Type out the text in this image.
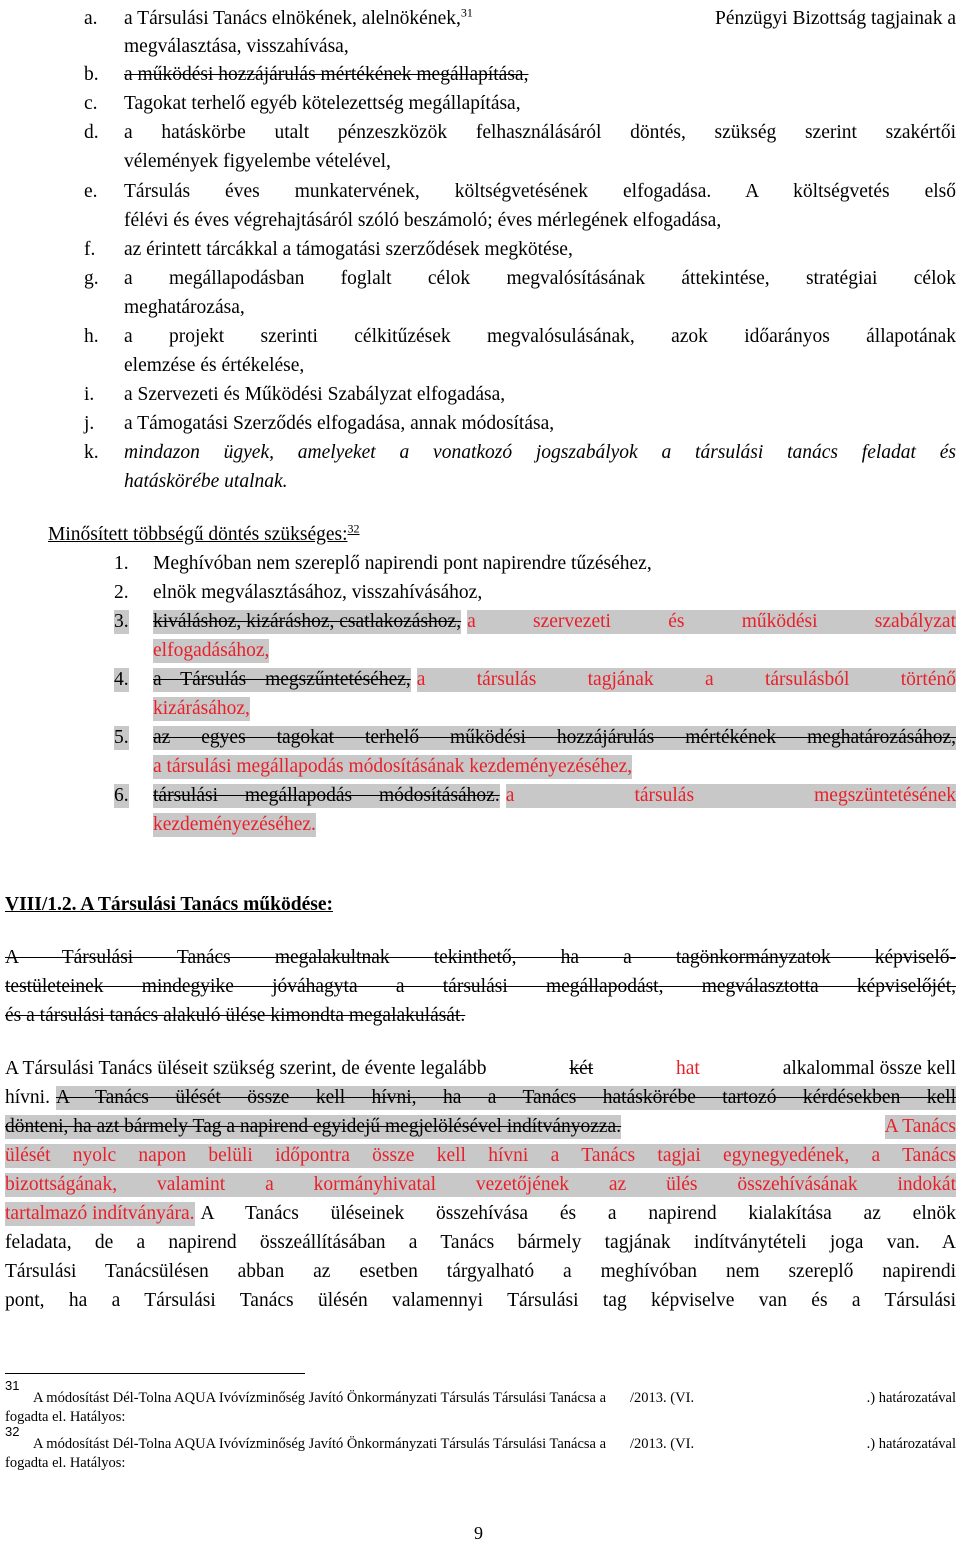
a. a Társulási Tanács elnökének, alelnökének,$^{31}$	Pénzügyi Bizottság tagjainak a
megválasztása, visszahívása,
b. a működési hozzájárulás mértékének megállapítása,
c. Tagokat terhelő egyéb kötelezettség megállapítása,
d. a hatáskörbe utalt pénzeszközök felhasználásáról döntés, szükség szerint szakértői
vélemények figyelembe vételével,
e. Társulás éves munkatervének, költségvetésének elfogadása. A költségvetés első
félévi és éves végrehajtásáról szóló beszámoló; éves mérlegének elfogadása,
f. az érintett tárcákkal a támogatási szerződések megkötése,
g. a megállapodásban foglalt célok megvalósításának áttekintése, stratégiai célok
meghatározása,
h. a projekt szerinti célkitűzések megvalósulásának, azok időarányos állapotának
elemzése és értékelése,
i. a Szervezeti és Működési Szabályzat elfogadása,
j. a Támogatási Szerződés elfogadása, annak módosítása,
k. mindazon ügyek, amelyeket a vonatkozó jogszabályok a társulási tanács feladat és
hatáskörébe utalnak.
Minősített többségű döntés szükséges:$^{32}$
1. Meghívóban nem szereplő napirendi pont napirendre tűzéséhez,
2. elnök megválasztásához, visszahívásához,
3. kiváláshoz, kizáráshoz, csatlakozáshoz, a szervezeti és működési szabályzat
elfogadásához,
4. a Társulás megszűntetéséhez, a társulás tagjának a társulásból történő
kizárásához,
5. az egyes tagokat terhelő működési hozzájárulás mértékének meghatározásához,
a társulási megállapodás módosításának kezdeményezéséhez,
6. társulási megállapodás módosításához. a társulás megszüntetésének
kezdeményezéséhez.
VIII/1.2. A Társulási Tanács működése:
A Társulási Tanács megalakultnak tekinthető, ha a tagönkormányzatok képviselő-
testületeinek mindegyike jóváhagyta a társulási megállapodást, megválasztotta képviselőjét,
és a társulási tanács alakuló ülése kimondta megalakulását.
A Társulási Tanács üléseit szükség szerint, de évente legalább	két	hat	alkalommal össze kell
hívni. A Tanács ülését össze kell hívni, ha a Tanács hatáskörébe tartozó kérdésekben kell
dönteni, ha azt bármely Tag a napirend egyidejű megjelölésével indítványozza.	A Tanács
ülését nyolc napon belüli időpontra össze kell hívni a Tanács tagjai egynegyedének, a Tanács
bizottságának, valamint a kormányhivatal vezetőjének az ülés összehívásának indokát
tartalmazó indítványára. A Tanács üléseinek összehívása és a napirend kialakítása az elnök
feladata, de a napirend összeállításában a Tanács bármely tagjának indítványtételi joga van. A
Társulási Tanácsülésen abban az esetben tárgyalható a meghívóban nem szereplő napirendi
pont, ha a Társulási Tanács ülésén valamennyi Társulási tag képviselve van és a Társulási
31
A módosítást Dél-Tolna AQUA Ivóvízminőség Javító Önkormányzati Társulás Társulási Tanácsa a /2013. (VI.	.) határozatával
fogadta el. Hatályos:
32
A módosítást Dél-Tolna AQUA Ivóvízminőség Javító Önkormányzati Társulás Társulási Tanácsa a /2013. (VI.	.) határozatával
fogadta el. Hatályos:
9
